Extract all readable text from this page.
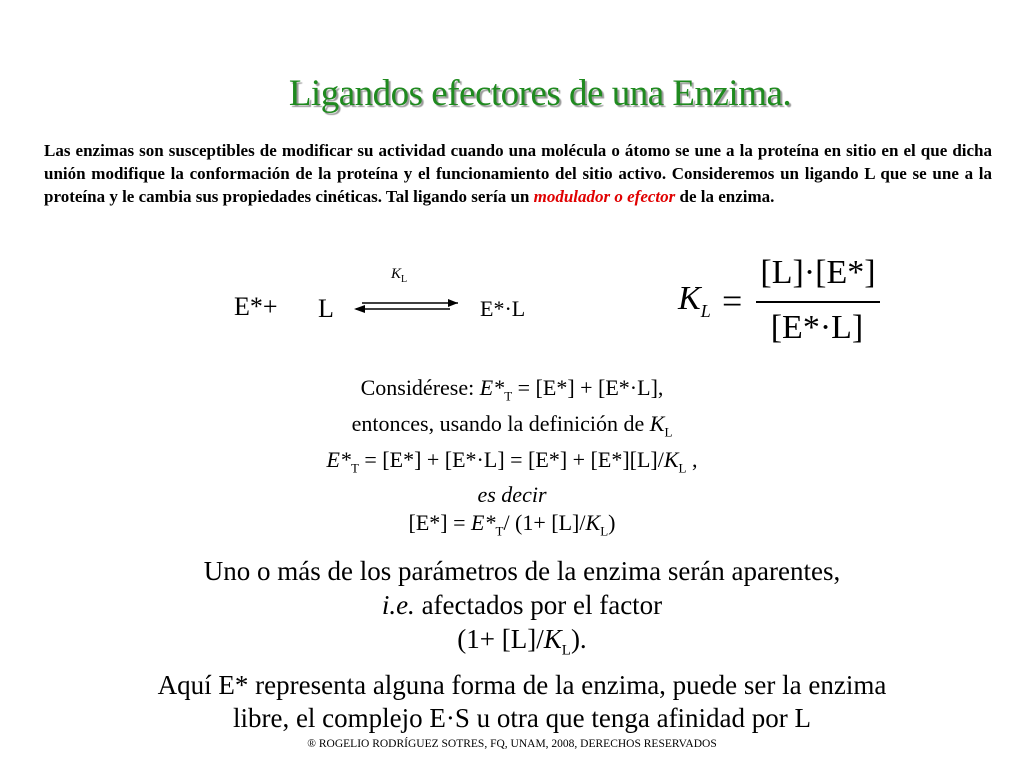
Ligandos efectores de una Enzima.
Las enzimas son susceptibles de modificar su actividad cuando una molécula o átomo se une a la proteína en sitio en el que dicha unión modifique la conformación de la proteína y el funcionamiento del sitio activo. Consideremos un ligando L que se une a la proteína y le cambia sus propiedades cinéticas. Tal ligando sería un modulador o efector de la enzima.
E*+ L
$K_L$
E*·L	$K_L$ =
[L]·[E*]
[E*·L]
Considérese: $E*_T = [E*] + [E*\cdot L]$,
entonces, usando la definición de $K_L$
$E*_T = [E*] + [E*\cdot L] = [E*] + [E*][L]/K_L$ ,
es decir
$[E*] = E*_T/$ $(1+ [L]/K_L)$
Uno o más de los parámetros de la enzima serán aparentes,
i.e. afectados por el factor
$(1+ [L]/K_L)$.
Aquí E* representa alguna forma de la enzima, puede ser la enzima
libre, el complejo E·S u otra que tenga afinidad por L
® ROGELIO RODRÍGUEZ SOTRES, FQ, UNAM, 2008, DERECHOS RESERVADOS
